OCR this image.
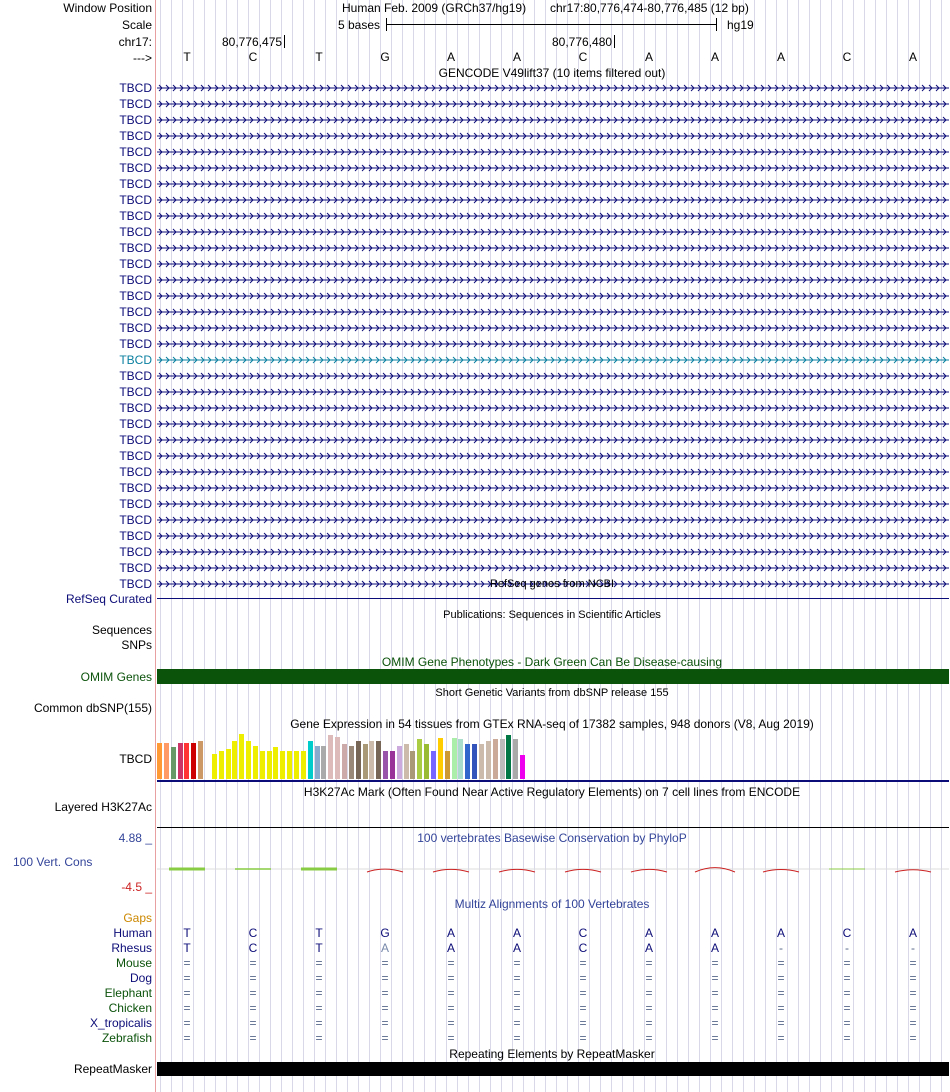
Window Position
Scale
chr17:
--->
Human Feb. 2009 (GRCh37/hg19) chr17:80,776,474-80,776,485 (12 bp)
5 bases	hg19
80,776,475	80,776,480
T	C	T	G	A	A	C	A	A	A	C	A
GENCODE V49lift37 (10 items filtered out)
TBCD
TBCD
TBCD
TBCD
TBCD
TBCD
TBCD
TBCD
TBCD
TBCD
TBCD
TBCD
TBCD
TBCD
TBCD
TBCD
TBCD
TBCD
TBCD
TBCD
TBCD
TBCD
TBCD
TBCD
TBCD
TBCD
TBCD
TBCD
TBCD
TBCD
TBCD
TBCD	RefSeq genes from NCBI
RefSeq Curated
Publications: Sequences in Scientific Articles
Sequences
SNPs
OMIM Gene Phenotypes - Dark Green Can Be Disease-causing
OMIM Genes
Short Genetic Variants from dbSNP release 155
Common dbSNP(155)
Gene Expression in 54 tissues from GTEx RNA-seq of 17382 samples, 948 donors (V8, Aug 2019)
TBCD
H3K27Ac Mark (Often Found Near Active Regulatory Elements) on 7 cell lines from ENCODE
Layered H3K27Ac
4.88 _	100 vertebrates Basewise Conservation by PhyloP
100 Vert. Cons
-4.5 _
Multiz Alignments of 100 Vertebrates
Gaps
Human	T	C	T	G	A	A	C	A	A	A	C	A
Rhesus	T	C	T	A	A	A	C	A	A	-	-	-
Mouse	=	=	=	=	=	=	=	=	=	=	=	=
Dog	=	=	=	=	=	=	=	=	=	=	=	=
Elephant	=	=	=	=	=	=	=	=	=	=	=	=
Chicken	=	=	=	=	=	=	=	=	=	=	=	=
X_tropicalis	=	=	=	=	=	=	=	=	=	=	=	=
Zebrafish	=	=	=	=	=	=	=	=	=	=	=	=
Repeating Elements by RepeatMasker
RepeatMasker
